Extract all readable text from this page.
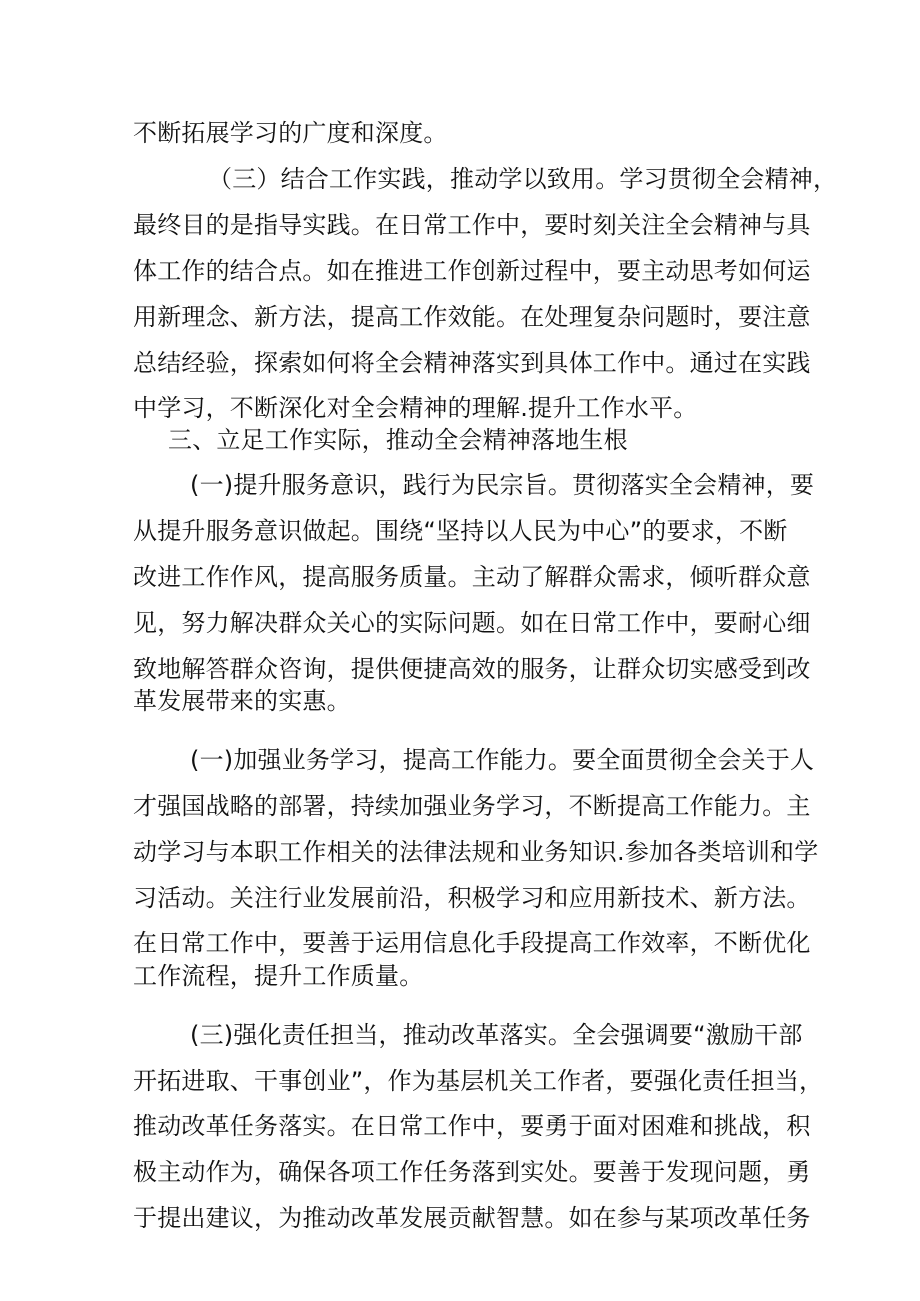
不断拓展学习的广度和深度。
（三）结合工作实践，推动学以致用。学习贯彻全会精神，
最终目的是指导实践。在日常工作中，要时刻关注全会精神与具
体工作的结合点。如在推进工作创新过程中，要主动思考如何运
用新理念、新方法，提高工作效能。在处理复杂问题时，要注意
总结经验，探索如何将全会精神落实到具体工作中。通过在实践
中学习，不断深化对全会精神的理解.提升工作水平。
三、立足工作实际，推动全会精神落地生根
(一)提升服务意识，践行为民宗旨。贯彻落实全会精神，要
从提升服务意识做起。围绕“坚持以人民为中心”的要求，不断
改进工作作风，提高服务质量。主动了解群众需求，倾听群众意
见，努力解决群众关心的实际问题。如在日常工作中，要耐心细
致地解答群众咨询，提供便捷高效的服务，让群众切实感受到改
革发展带来的实惠。
(一)加强业务学习，提高工作能力。要全面贯彻全会关于人
才强国战略的部署，持续加强业务学习，不断提高工作能力。主
动学习与本职工作相关的法律法规和业务知识.参加各类培训和学
习活动。关注行业发展前沿，积极学习和应用新技术、新方法。
在日常工作中，要善于运用信息化手段提高工作效率，不断优化
工作流程，提升工作质量。
(三)强化责任担当，推动改革落实。全会强调要“激励干部
开拓进取、干事创业”，作为基层机关工作者，要强化责任担当，
推动改革任务落实。在日常工作中，要勇于面对困难和挑战，积
极主动作为，确保各项工作任务落到实处。要善于发现问题，勇
于提出建议，为推动改革发展贡献智慧。如在参与某项改革任务
